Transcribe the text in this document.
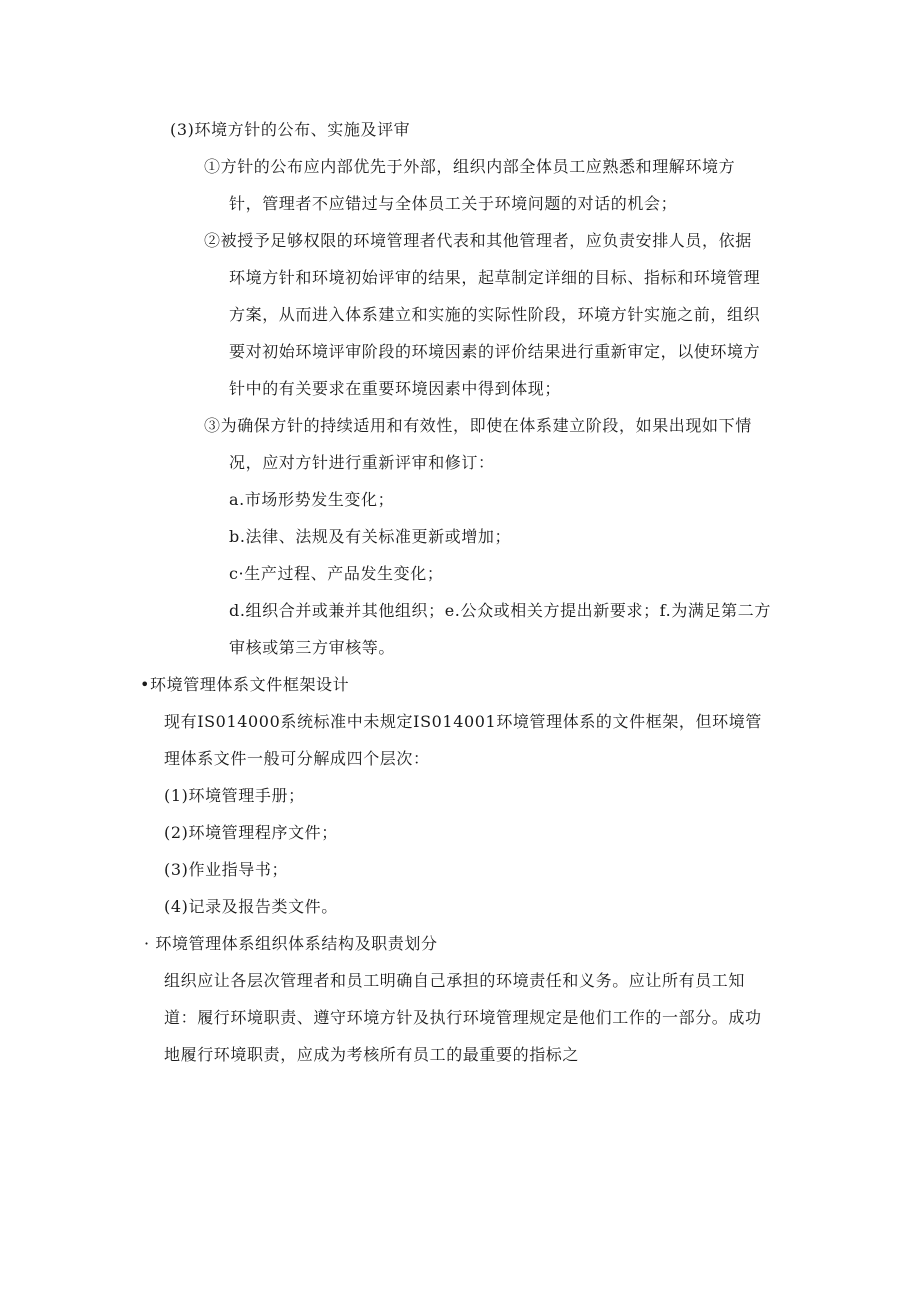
(3)环境方针的公布、实施及评审
①方针的公布应内部优先于外部，组织内部全体员工应熟悉和理解环境方
针，管理者不应错过与全体员工关于环境问题的对话的机会；
②被授予足够权限的环境管理者代表和其他管理者，应负责安排人员，依据
环境方针和环境初始评审的结果，起草制定详细的目标、指标和环境管理
方案，从而进入体系建立和实施的实际性阶段，环境方针实施之前，组织
要对初始环境评审阶段的环境因素的评价结果进行重新审定，以使环境方
针中的有关要求在重要环境因素中得到体现；
③为确保方针的持续适用和有效性，即使在体系建立阶段，如果出现如下情
况，应对方针进行重新评审和修订：
a.市场形势发生变化；
b.法律、法规及有关标准更新或增加；
c·生产过程、产品发生变化；
d.组织合并或兼并其他组织；e.公众或相关方提出新要求；f.为满足第二方
审核或第三方审核等。
•环境管理体系文件框架设计
现有IS014000系统标准中未规定IS014001环境管理体系的文件框架，但环境管
理体系文件一般可分解成四个层次：
(1)环境管理手册；
(2)环境管理程序文件；
(3)作业指导书；
(4)记录及报告类文件。
· 环境管理体系组织体系结构及职责划分
组织应让各层次管理者和员工明确自己承担的环境责任和义务。应让所有员工知
道：履行环境职责、遵守环境方针及执行环境管理规定是他们工作的一部分。成功
地履行环境职责，应成为考核所有员工的最重要的指标之
